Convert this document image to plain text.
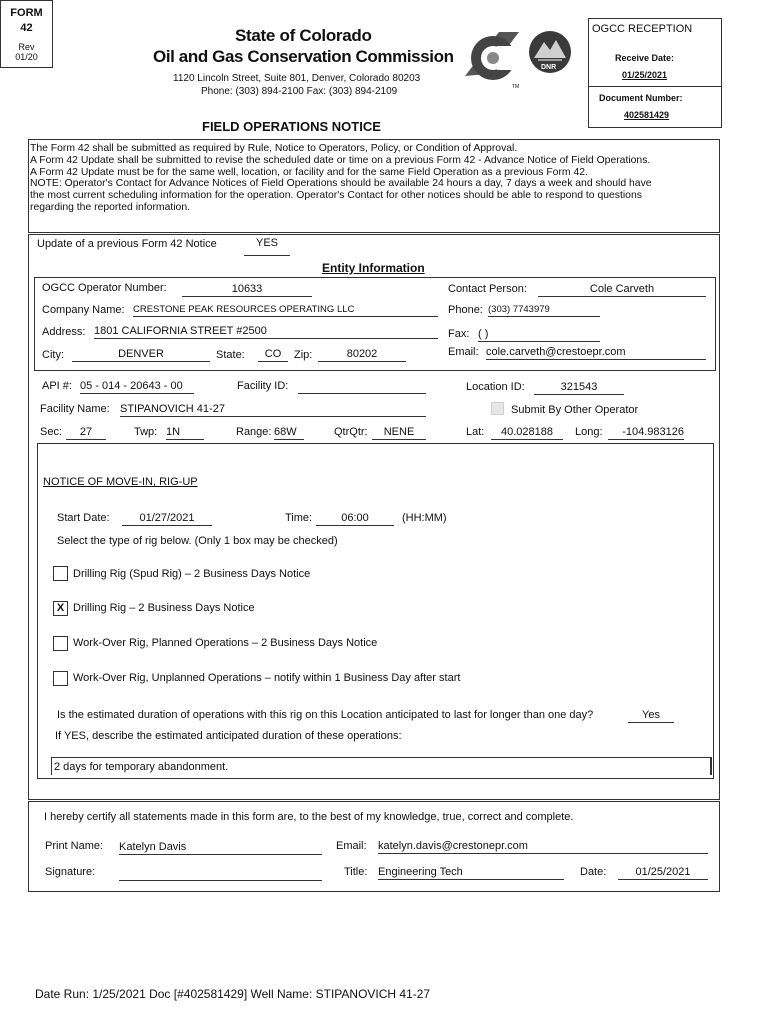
FORM
42
Rev
01/20
State of Colorado
Oil and Gas Conservation Commission
1120 Lincoln Street, Suite 801, Denver, Colorado 80203
Phone: (303) 894-2100 Fax: (303) 894-2109	TM
DNR
OGCC RECEPTION
Receive Date:
01/25/2021
Document Number:
402581429
FIELD OPERATIONS NOTICE
The Form 42 shall be submitted as required by Rule, Notice to Operators, Policy, or Condition of Approval.
A Form 42 Update shall be submitted to revise the scheduled date or time on a previous Form 42 - Advance Notice of Field Operations.
A Form 42 Update must be for the same well, location, or facility and for the same Field Operation as a previous Form 42.
NOTE: Operator's Contact for Advance Notices of Field Operations should be available 24 hours a day, 7 days a week and should have
the most current scheduling information for the operation. Operator's Contact for other notices should be able to respond to questions
regarding the reported information.
Update of a previous Form 42 Notice	YES
Entity Information
OGCC Operator Number:	10633	Contact Person:	Cole Carveth
Company Name: CRESTONE PEAK RESOURCES OPERATING LLC	Phone: (303) 7743979
Address: 1801 CALIFORNIA STREET #2500	Fax: ( )
City:	DENVER	State:	CO	Zip:	80202	Email: cole.carveth@crestoepr.com
API #: 05 - 014 - 20643 - 00	Facility ID:	Location ID:	321543
Facility Name: STIPANOVICH 41-27	Submit By Other Operator
Sec:	27	Twp: 1N	Range: 68W	QtrQtr:	NENE	Lat:	40.028188	Long:	-104.983126
NOTICE OF MOVE-IN, RIG-UP
Start Date:	01/27/2021	Time:	06:00	(HH:MM)
Select the type of rig below. (Only 1 box may be checked)
Drilling Rig (Spud Rig) – 2 Business Days Notice
X Drilling Rig – 2 Business Days Notice
Work-Over Rig, Planned Operations – 2 Business Days Notice
Work-Over Rig, Unplanned Operations – notify within 1 Business Day after start
Is the estimated duration of operations with this rig on this Location anticipated to last for longer than one day?	Yes
If YES, describe the estimated anticipated duration of these operations:
2 days for temporary abandonment.
I hereby certify all statements made in this form are, to the best of my knowledge, true, correct and complete.
Print Name: Katelyn Davis	Email: katelyn.davis@crestonepr.com
Signature:	Title: Engineering Tech	Date:	01/25/2021
Date Run: 1/25/2021 Doc [#402581429] Well Name: STIPANOVICH 41-27
